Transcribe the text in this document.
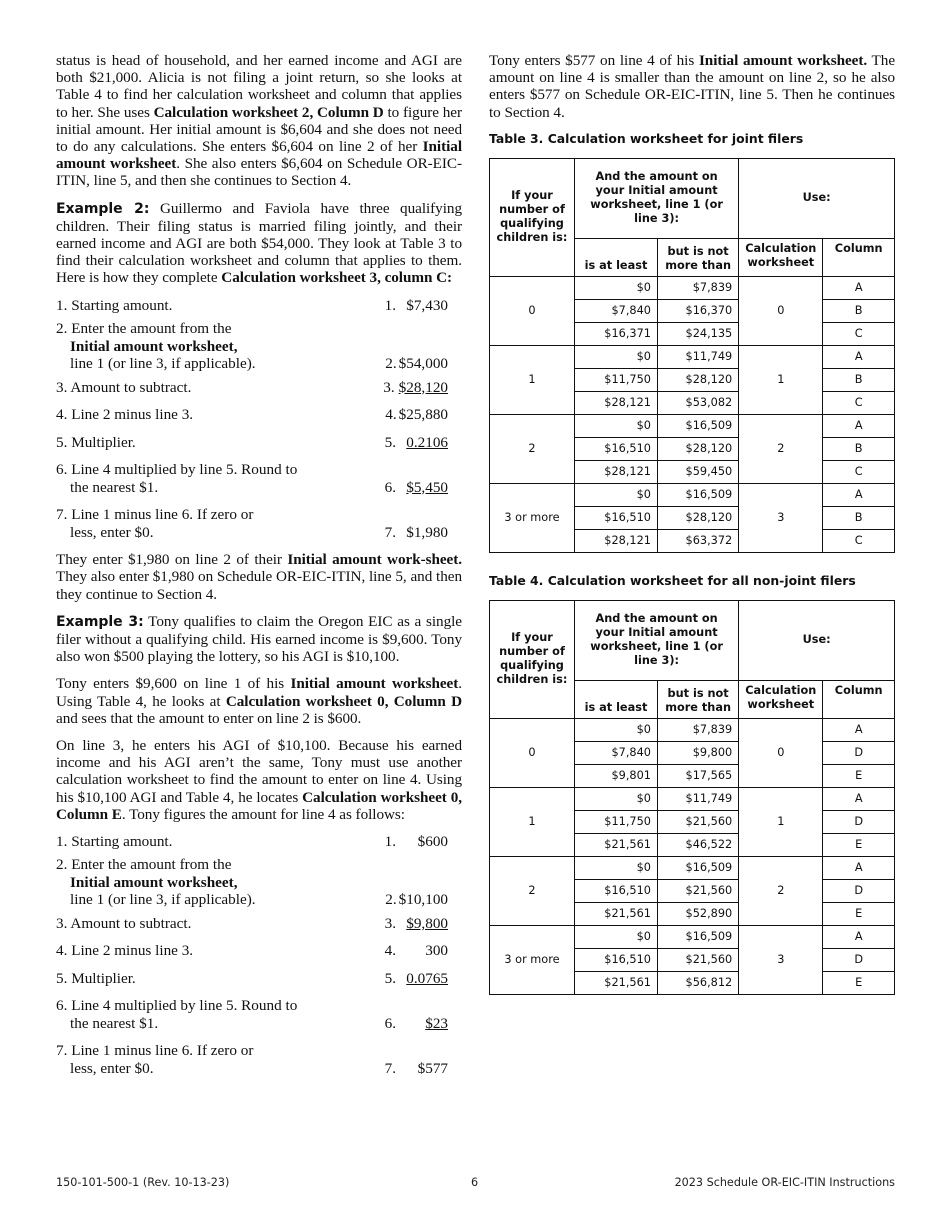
status is head of household, and her earned income and AGI are both $21,000. Alicia is not filing a joint return, so she looks at Table 4 to find her calculation worksheet and column that applies to her. She uses Calculation worksheet 2, Column D to figure her initial amount. Her initial amount is $6,604 and she does not need to do any calculations. She enters $6,604 on line 2 of her Initial amount worksheet. She also enters $6,604 on Schedule OR-EIC-ITIN, line 5, and then she continues to Section 4.

Example 2: Guillermo and Faviola have three qualifying children. Their filing status is married filing jointly, and their earned income and AGI are both $54,000. They look at Table 3 to find their calculation worksheet and column that applies to them. Here is how they complete Calculation worksheet 3, column C:

1. Starting amount.	1. $7,430
2. Enter the amount from the
Initial amount worksheet,
line 1 (or line 3, if applicable).	2. $54,000
3. Amount to subtract.	3. $28,120
4. Line 2 minus line 3.	4. $25,880
5. Multiplier.	5. 0.2106
6. Line 4 multiplied by line 5. Round to
the nearest $1.	6. $5,450
7. Line 1 minus line 6. If zero or
less, enter $0.	7. $1,980

They enter $1,980 on line 2 of their Initial amount work-sheet. They also enter $1,980 on Schedule OR-EIC-ITIN, line 5, and then they continue to Section 4.

Example 3: Tony qualifies to claim the Oregon EIC as a single filer without a qualifying child. His earned income is $9,600. Tony also won $500 playing the lottery, so his AGI is $10,100.

Tony enters $9,600 on line 1 of his Initial amount worksheet. Using Table 4, he looks at Calculation worksheet 0, Column D and sees that the amount to enter on line 2 is $600.

On line 3, he enters his AGI of $10,100. Because his earned income and his AGI aren’t the same, Tony must use another calculation worksheet to find the amount to enter on line 4. Using his $10,100 AGI and Table 4, he locates Calculation worksheet 0, Column E. Tony figures the amount for line 4 as follows:

1. Starting amount.	1.	$600
2. Enter the amount from the
Initial amount worksheet,
line 1 (or line 3, if applicable).	2. $10,100
3. Amount to subtract.	3. $9,800
4. Line 2 minus line 3.	4.	300
5. Multiplier.	5. 0.0765
6. Line 4 multiplied by line 5. Round to
the nearest $1.	6.	$23
7. Line 1 minus line 6. If zero or
less, enter $0.	7.	$577

Tony enters $577 on line 4 of his Initial amount worksheet. The amount on line 4 is smaller than the amount on line 2, so he also enters $577 on Schedule OR-EIC-ITIN, line 5. Then he continues to Section 4.

Table 3. Calculation worksheet for joint filers
If your number of qualifying children is:	And the amount on your Initial amount worksheet, line 1 (or line 3):		Use:	
	is at least	but is not more than	Calculation worksheet	Column
0	$0	$7,839	0	A
	$7,840	$16,370		B
	$16,371	$24,135		C
1	$0	$11,749	1	A
	$11,750	$28,120		B
	$28,121	$53,082		C
2	$0	$16,509	2	A
	$16,510	$28,120		B
	$28,121	$59,450		C
3 or more	$0	$16,509	3	A
	$16,510	$28,120		B
	$28,121	$63,372		C
Table 4. Calculation worksheet for all non-joint filers
If your number of qualifying children is:	And the amount on your Initial amount worksheet, line 1 (or line 3):		Use:	
	is at least	but is not more than	Calculation worksheet	Column
0	$0	$7,839	0	A
	$7,840	$9,800		D
	$9,801	$17,565		E
1	$0	$11,749	1	A
	$11,750	$21,560		D
	$21,561	$46,522		E
2	$0	$16,509	2	A
	$16,510	$21,560		D
	$21,561	$52,890		E
3 or more	$0	$16,509	3	A
	$16,510	$21,560		D
	$21,561	$56,812		E
150-101-500-1 (Rev. 10-13-23)	6	2023 Schedule OR-EIC-ITIN Instructions
